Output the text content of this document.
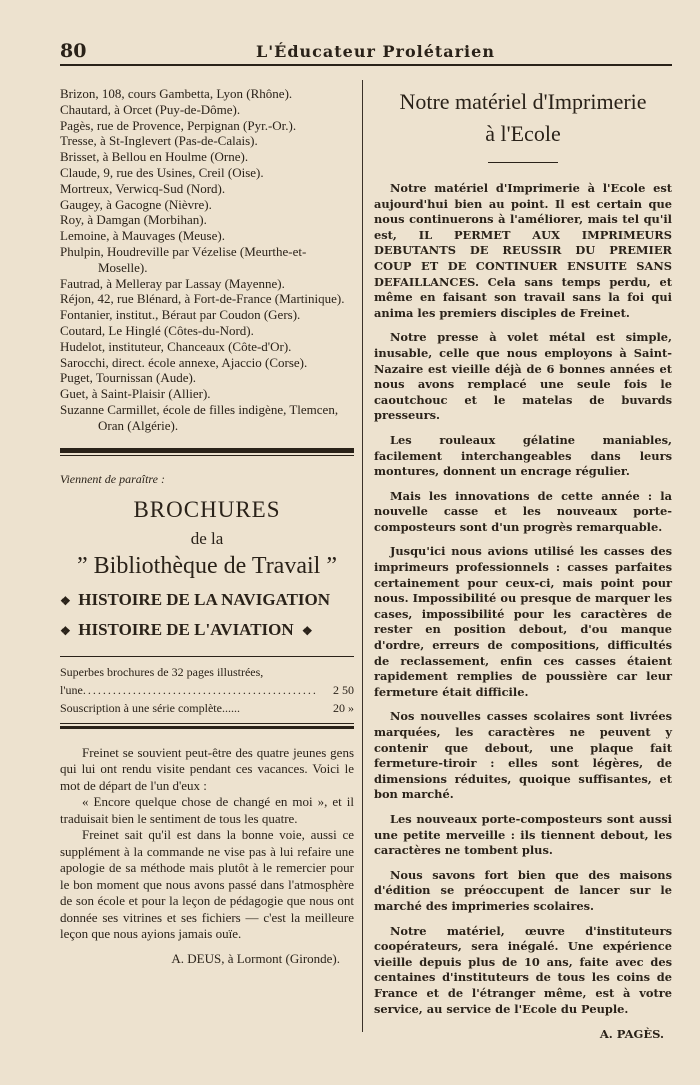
80	L'Éducateur Prolétarien
Brizon, 108, cours Gambetta, Lyon (Rhône).
Chautard, à Orcet (Puy-de-Dôme).
Pagès, rue de Provence, Perpignan (Pyr.-Or.).
Tresse, à St-Inglevert (Pas-de-Calais).
Brisset, à Bellou en Houlme (Orne).
Claude, 9, rue des Usines, Creil (Oise).
Mortreux, Verwicq-Sud (Nord).
Gaugey, à Gacogne (Nièvre).
Roy, à Damgan (Morbihan).
Lemoine, à Mauvages (Meuse).
Phulpin, Houdreville par Vézelise (Meurthe-et-Moselle).
Fautrad, à Melleray par Lassay (Mayenne).
Réjon, 42, rue Blénard, à Fort-de-France (Martinique).
Fontanier, institut., Béraut par Coudon (Gers).
Coutard, Le Hinglé (Côtes-du-Nord).
Hudelot, instituteur, Chanceaux (Côte-d'Or).
Sarocchi, direct. école annexe, Ajaccio (Corse).
Puget, Tournissan (Aude).
Guet, à Saint-Plaisir (Allier).
Suzanne Carmillet, école de filles indigène, Tlemcen, Oran (Algérie).
Viennent de paraître :
BROCHURES
de la
” Bibliothèque de Travail ”
❖ HISTOIRE DE LA NAVIGATION
❖ HISTOIRE DE L'AVIATION ❖
Superbes brochures de 32 pages illustrées,
l'une ...............................................	2 50
Souscription à une série complète......	20 »

Freinet se souvient peut-être des quatre jeunes gens qui lui ont rendu visite pendant ces vacances. Voici le mot de départ de l'un d'eux :

« Encore quelque chose de changé en moi », et il traduisait bien le sentiment de tous les quatre.

Freinet sait qu'il est dans la bonne voie, aussi ce supplément à la commande ne vise pas à lui refaire une apologie de sa méthode mais plutôt à le remercier pour le bon moment que nous avons passé dans l'atmosphère de son école et pour la leçon de pédagogie que nous ont donnée ses vitrines et ses fichiers — c'est la meilleure leçon que nous ayions jamais ouïe.

A. DEUS, à Lormont (Gironde).
Notre matériel d'Imprimerie
à l'Ecole

Notre matériel d'Imprimerie à l'Ecole est aujourd'hui bien au point. Il est certain que nous continuerons à l'améliorer, mais tel qu'il est, IL PERMET AUX IMPRIMEURS DEBUTANTS DE REUSSIR DU PREMIER COUP ET DE CONTINUER ENSUITE SANS DEFAILLANCES. Cela sans temps perdu, et même en faisant son travail sans la foi qui anima les premiers disciples de Freinet.

Notre presse à volet métal est simple, inusable, celle que nous employons à Saint-Nazaire est vieille déjà de 6 bonnes années et nous avons remplacé une seule fois le caoutchouc et le matelas de buvards presseurs.

Les rouleaux gélatine maniables, facilement interchangeables dans leurs montures, donnent un encrage régulier.

Mais les innovations de cette année : la nouvelle casse et les nouveaux porte-composteurs sont d'un progrès remarquable.

Jusqu'ici nous avions utilisé les casses des imprimeurs professionnels : casses parfaites certainement pour ceux-ci, mais point pour nous. Impossibilité ou presque de marquer les cases, impossibilité pour les caractères de rester en position debout, d'ou manque d'ordre, erreurs de compositions, difficultés de reclassement, enfin ces casses étaient rapidement remplies de poussière car leur fermeture était difficile.

Nos nouvelles casses scolaires sont livrées marquées, les caractères ne peuvent y contenir que debout, une plaque fait fermeture-tiroir : elles sont légères, de dimensions réduites, quoique suffisantes, et bon marché.

Les nouveaux porte-composteurs sont aussi une petite merveille : ils tiennent debout, les caractères ne tombent plus.

Nous savons fort bien que des maisons d'édition se préoccupent de lancer sur le marché des imprimeries scolaires.

Notre matériel, œuvre d'instituteurs coopérateurs, sera inégalé. Une expérience vieille depuis plus de 10 ans, faite avec des centaines d'instituteurs de tous les coins de France et de l'étranger même, est à votre service, au service de l'Ecole du Peuple.

A. PAGÈS.
